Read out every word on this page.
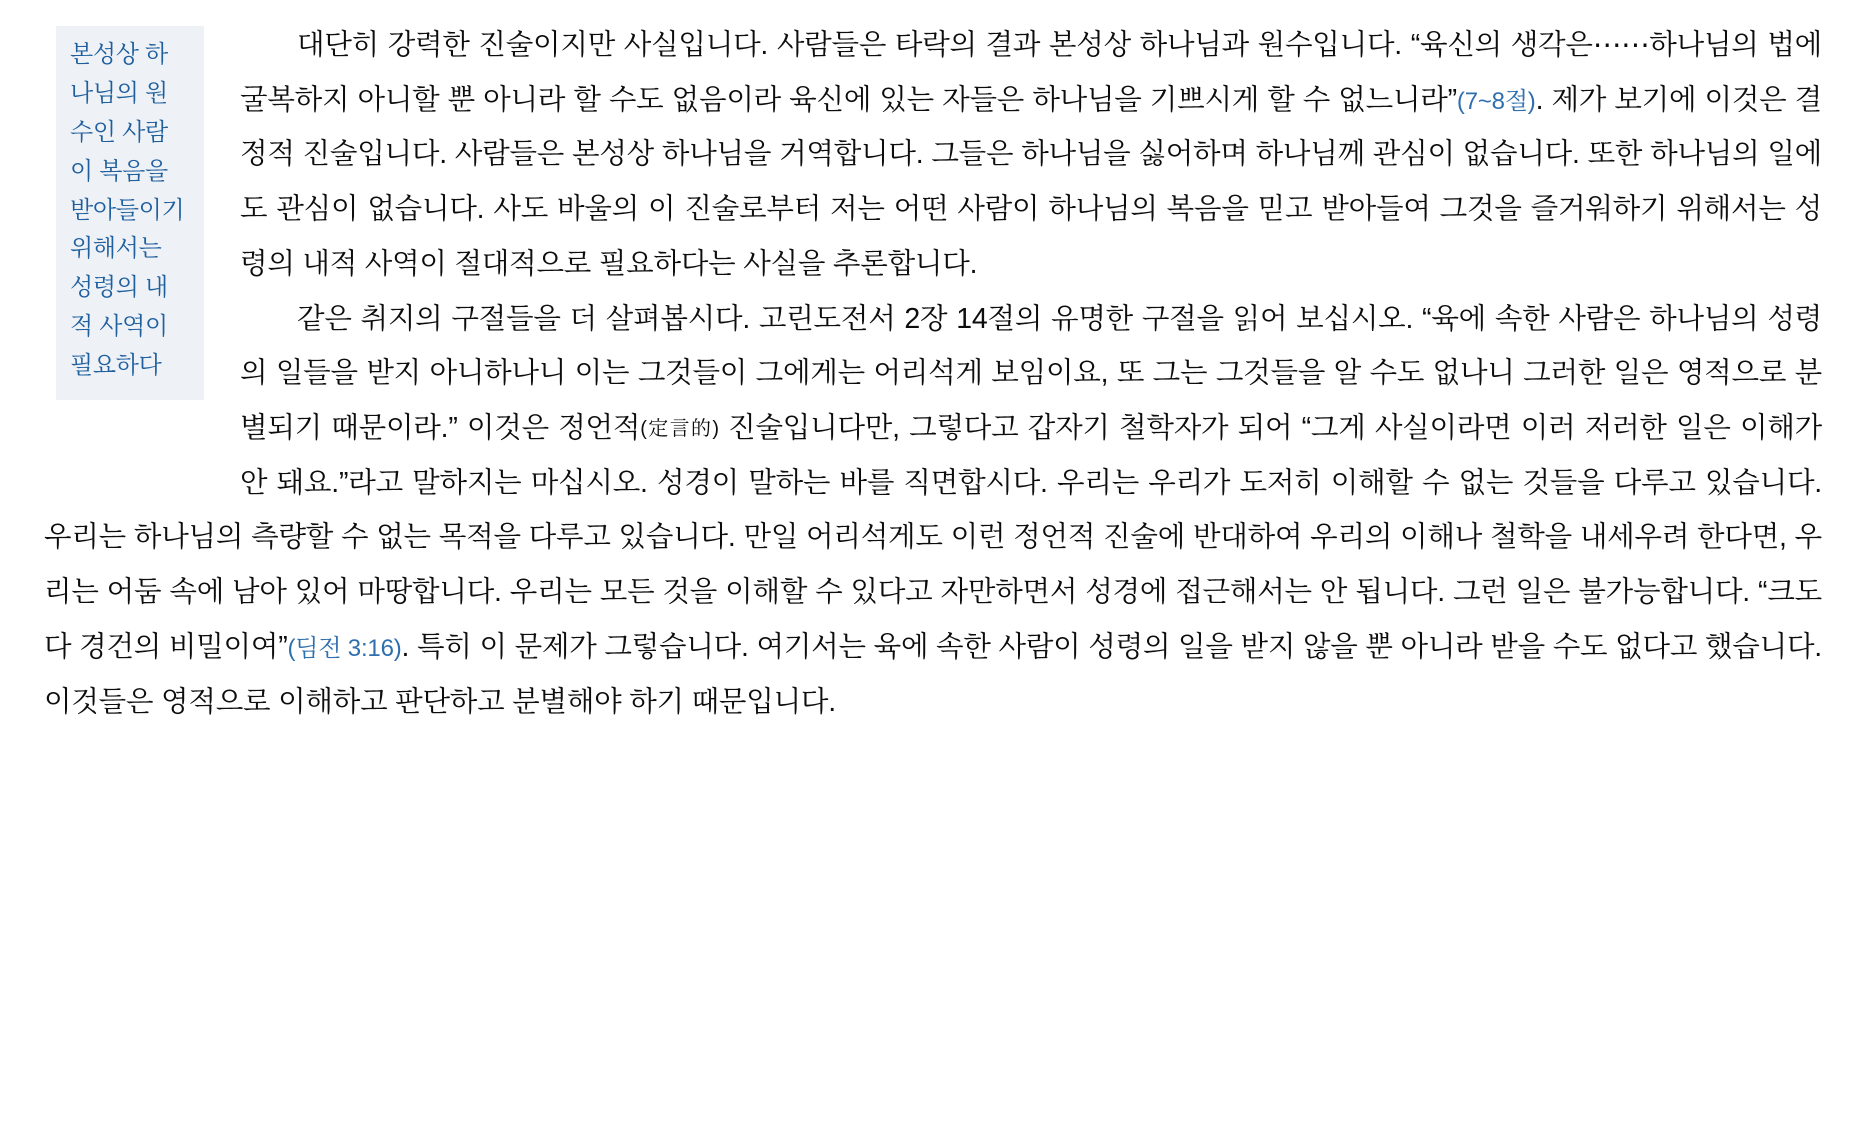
본성상 하나님의 원수인 사람이 복음을 받아들이기 위해서는 성령의 내적 사역이 필요하다

대단히 강력한 진술이지만 사실입니다. 사람들은 타락의 결과 본성상 하나님과 원수입니다. “육신의 생각은⋯⋯하나님의 법에 굴복하지 아니할 뿐 아니라 할 수도 없음이라 육신에 있는 자들은 하나님을 기쁘시게 할 수 없느니라”(7~8절). 제가 보기에 이것은 결정적 진술입니다. 사람들은 본성상 하나님을 거역합니다. 그들은 하나님을 싫어하며 하나님께 관심이 없습니다. 또한 하나님의 일에도 관심이 없습니다. 사도 바울의 이 진술로부터 저는 어떤 사람이 하나님의 복음을 믿고 받아들여 그것을 즐거워하기 위해서는 성령의 내적 사역이 절대적으로 필요하다는 사실을 추론합니다.

같은 취지의 구절들을 더 살펴봅시다. 고린도전서 2장 14절의 유명한 구절을 읽어 보십시오. “육에 속한 사람은 하나님의 성령의 일들을 받지 아니하나니 이는 그것들이 그에게는 어리석게 보임이요, 또 그는 그것들을 알 수도 없나니 그러한 일은 영적으로 분별되기 때문이라.” 이것은 정언적(定言的) 진술입니다만, 그렇다고 갑자기 철학자가 되어 “그게 사실이라면 이러 저러한 일은 이해가 안 돼요.”라고 말하지는 마십시오. 성경이 말하는 바를 직면합시다. 우리는 우리가 도저히 이해할 수 없는 것들을 다루고 있습니다. 우리는 하나님의 측량할 수 없는 목적을 다루고 있습니다. 만일 어리석게도 이런 정언적 진술에 반대하여 우리의 이해나 철학을 내세우려 한다면, 우리는 어둠 속에 남아 있어 마땅합니다. 우리는 모든 것을 이해할 수 있다고 자만하면서 성경에 접근해서는 안 됩니다. 그런 일은 불가능합니다. “크도다 경건의 비밀이여”(딤전 3:16). 특히 이 문제가 그렇습니다. 여기서는 육에 속한 사람이 성령의 일을 받지 않을 뿐 아니라 받을 수도 없다고 했습니다. 이것들은 영적으로 이해하고 판단하고 분별해야 하기 때문입니다.
